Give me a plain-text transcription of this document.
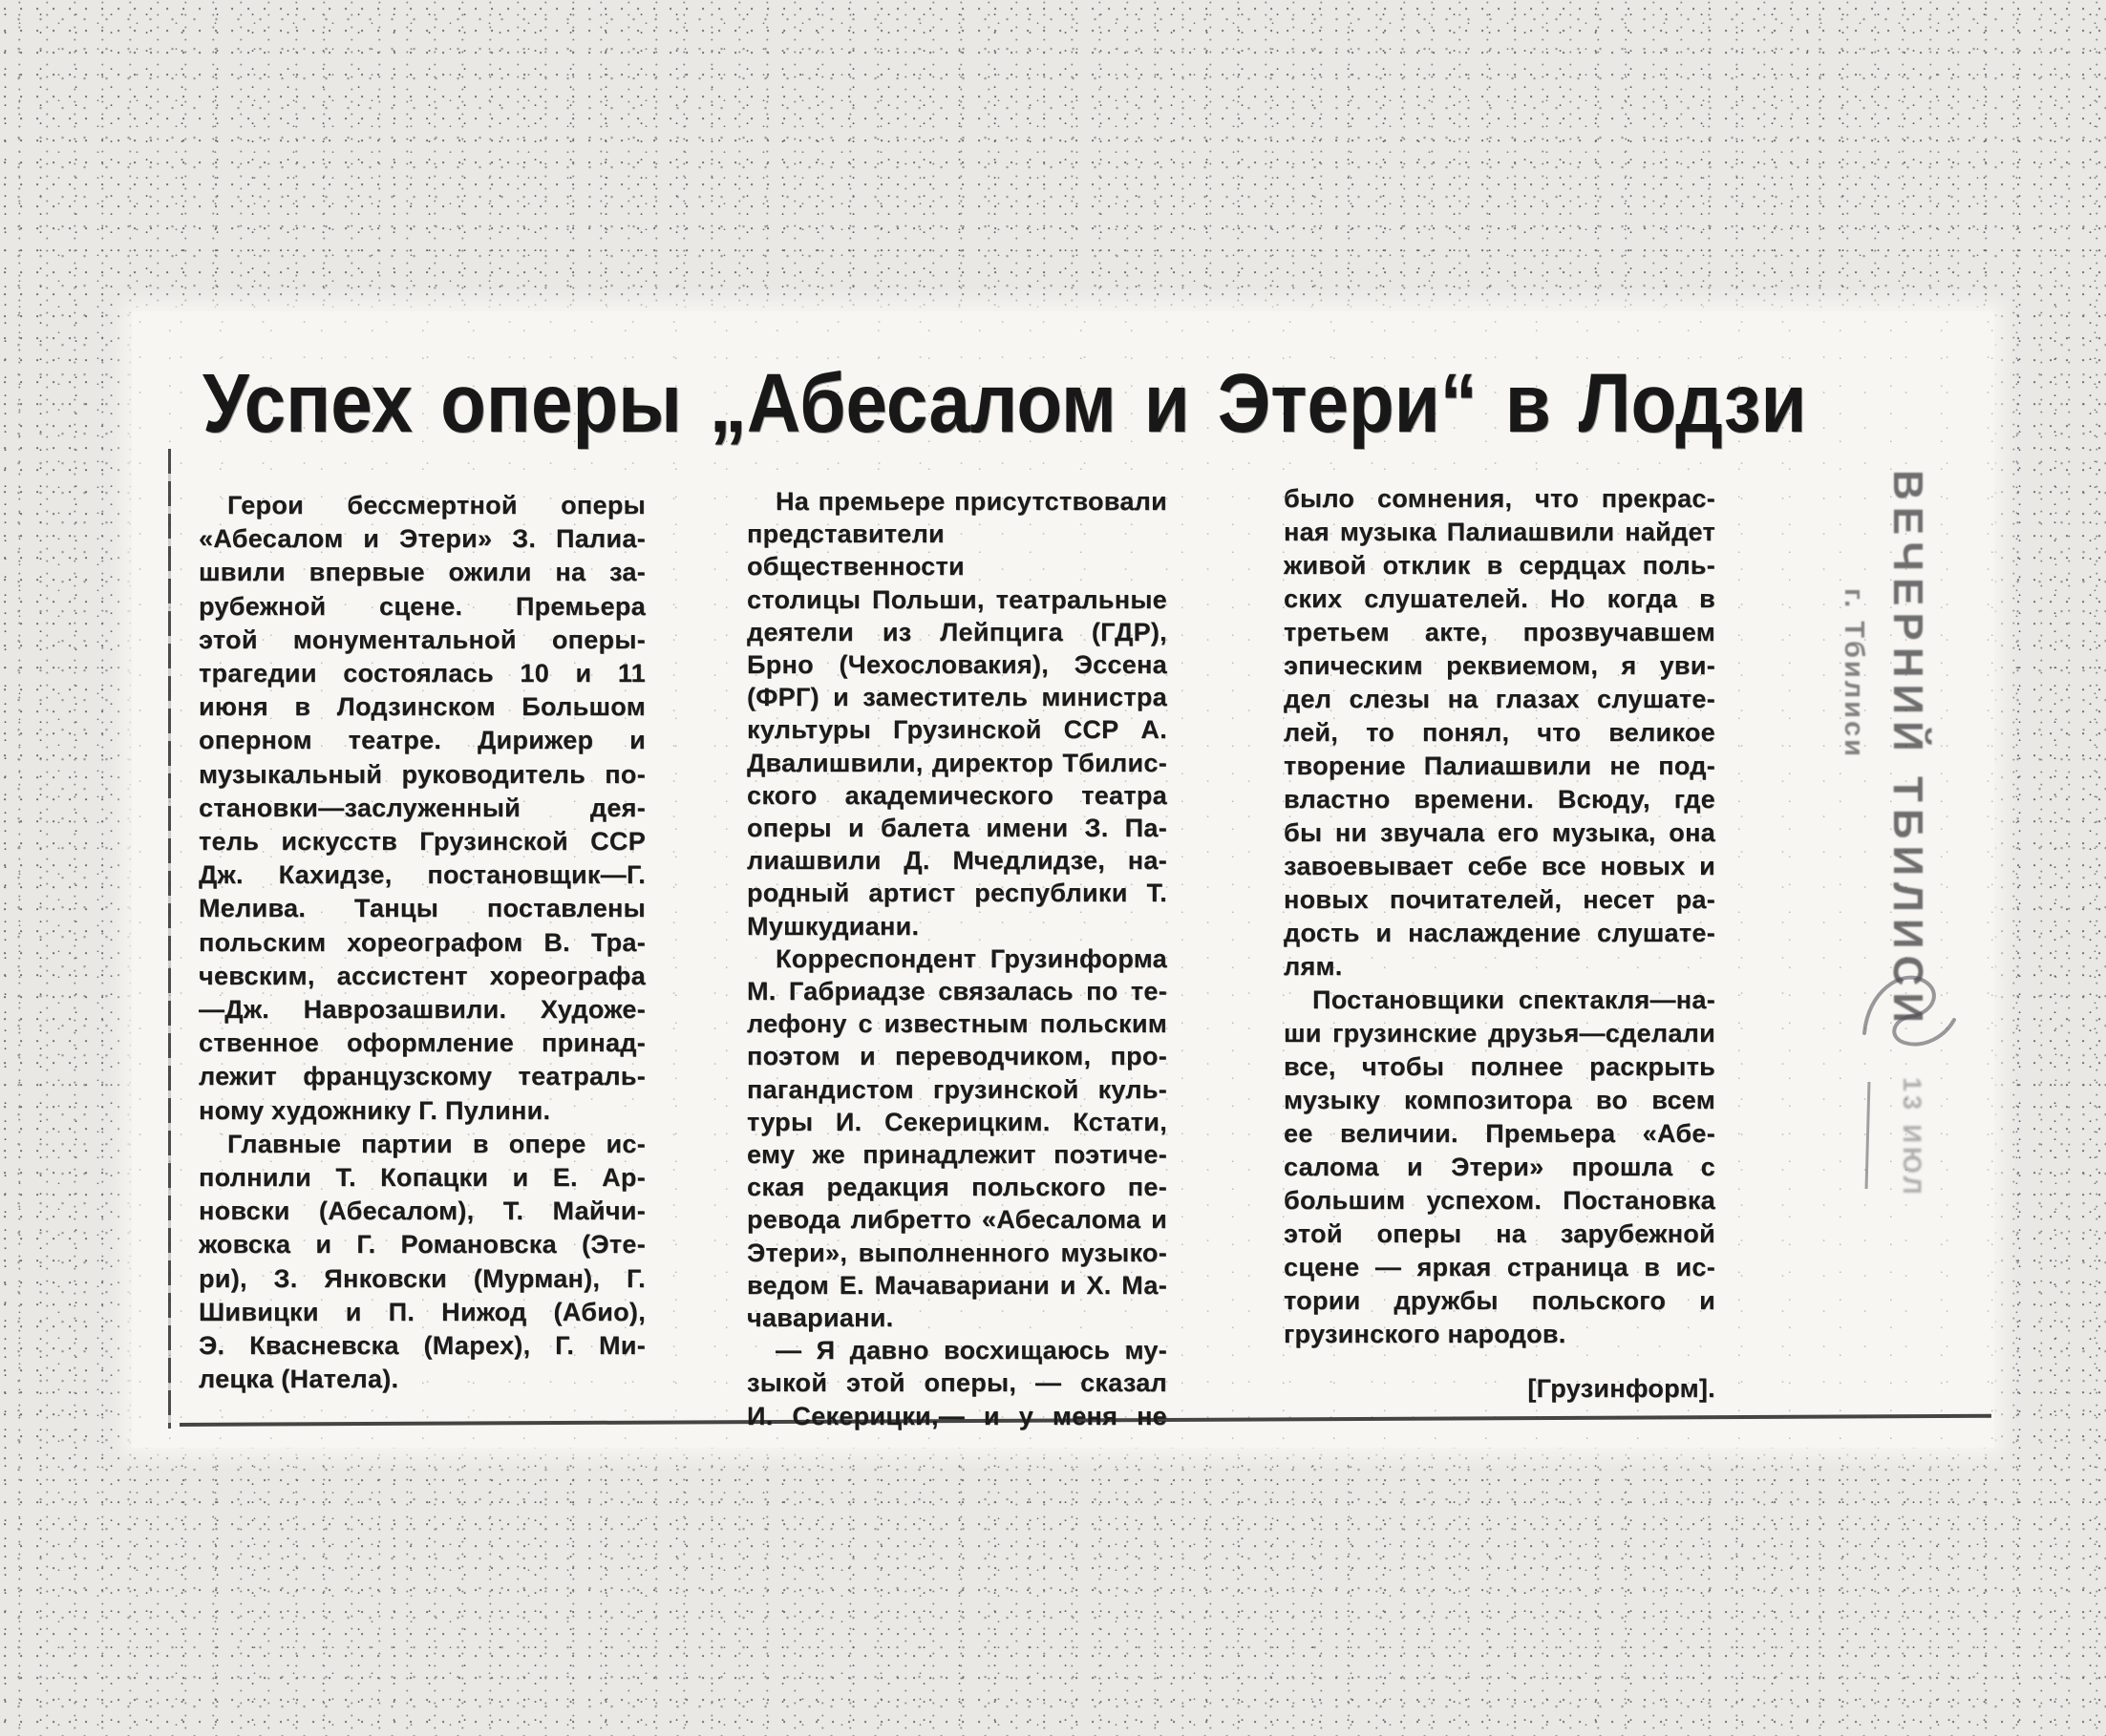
Успех оперы „Абесалом и Этери“ в Лодзи
Герои бессмертной оперы
«Абесалом и Этери» З. Палиа-
швили впервые ожили на за-
рубежной сцене. Премьера
этой монументальной оперы-
трагедии состоялась 10 и 11
июня в Лодзинском Большом
оперном театре. Дирижер и
музыкальный руководитель по-
становки—заслуженный дея-
тель искусств Грузинской ССР
Дж. Кахидзе, постановщик—Г.
Мелива. Танцы поставлены
польским хореографом В. Тра-
чевским, ассистент хореографа
—Дж. Наврозашвили. Художе-
ственное оформление принад-
лежит французскому театраль-
ному художнику Г. Пулини.
Главные партии в опере ис-
полнили Т. Копацки и Е. Ар-
новски (Абесалом), Т. Майчи-
жовска и Г. Романовска (Эте-
ри), З. Янковски (Мурман), Г.
Шивицки и П. Нижод (Абио),
Э. Квасневска (Марех), Г. Ми-
лецка (Натела).
На премьере присутствовали
представители общественности
столицы Польши, театральные
деятели из Лейпцига (ГДР),
Брно (Чехословакия), Эссена
(ФРГ) и заместитель министра
культуры Грузинской ССР А.
Двалишвили, директор Тбилис-
ского академического театра
оперы и балета имени З. Па-
лиашвили Д. Мчедлидзе, на-
родный артист республики Т.
Мушкудиани.
Корреспондент Грузинформа
М. Габриадзе связалась по те-
лефону с известным польским
поэтом и переводчиком, про-
пагандистом грузинской куль-
туры И. Секерицким. Кстати,
ему же принадлежит поэтиче-
ская редакция польского пе-
ревода либретто «Абесалома и
Этери», выполненного музыко-
ведом Е. Мачавариани и Х. Ма-
чавариани.
— Я давно восхищаюсь му-
зыкой этой оперы, — сказал
И. Секерицки,— и у меня не
было сомнения, что прекрас-
ная музыка Палиашвили найдет
живой отклик в сердцах поль-
ских слушателей. Но когда в
третьем акте, прозвучавшем
эпическим реквиемом, я уви-
дел слезы на глазах слушате-
лей, то понял, что великое
творение Палиашвили не под-
властно времени. Всюду, где
бы ни звучала его музыка, она
завоевывает себе все новых и
новых почитателей, несет ра-
дость и наслаждение слушате-
лям.
Постановщики спектакля—на-
ши грузинские друзья—сделали
все, чтобы полнее раскрыть
музыку композитора во всем
ее величии. Премьера «Абе-
салома и Этери» прошла с
большим успехом. Постановка
этой оперы на зарубежной
сцене — яркая страница в ис-
тории дружбы польского и
грузинского народов.
[Грузинформ].
ВЕЧЕРНИЙ ТБИЛИСИ
г. Тбилиси
13 ИЮЛ
